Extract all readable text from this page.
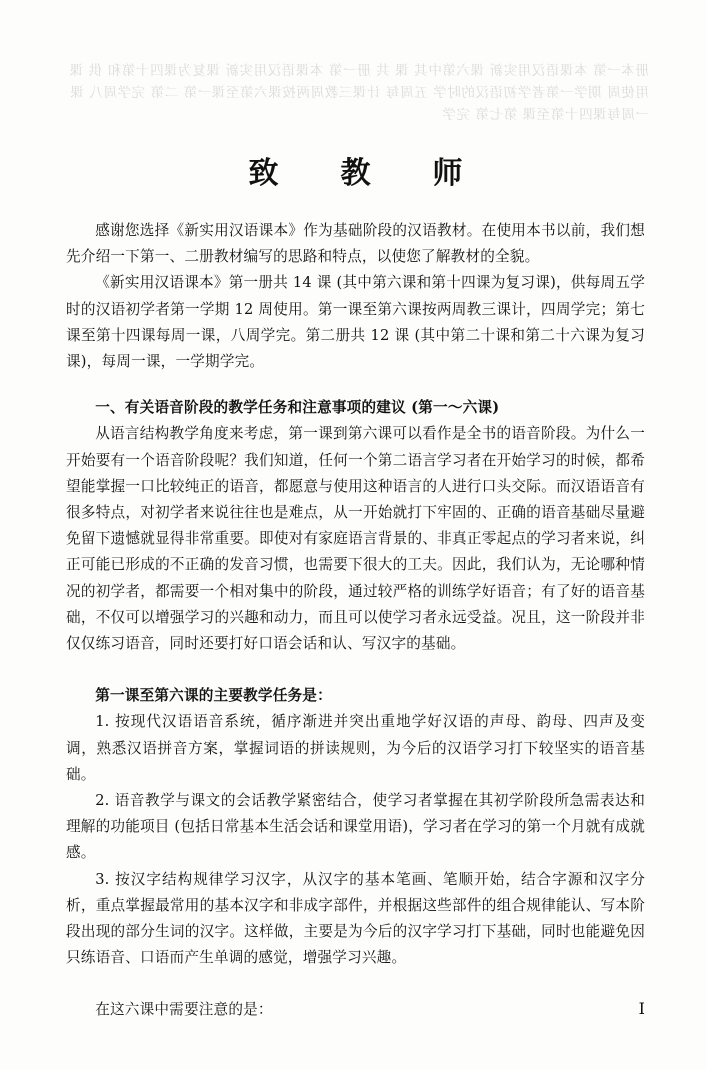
册本一第 本课语汉用实新 课六第中其 课 共 册一第 本课语汉用实新 课复为课四十第和 供 课 用使周 期学一第者学初语汉的时学 五周每 计课三教周两按课六第至课一第 二第 完学周八 课一周每课四十第至课 第七第 完学
致　教　师

感谢您选择《新实用汉语课本》作为基础阶段的汉语教材。在使用本书以前，我们想先介绍一下第一、二册教材编写的思路和特点，以使您了解教材的全貌。

《新实用汉语课本》第一册共 14 课 (其中第六课和第十四课为复习课)，供每周五学时的汉语初学者第一学期 12 周使用。第一课至第六课按两周教三课计，四周学完；第七课至第十四课每周一课，八周学完。第二册共 12 课 (其中第二十课和第二十六课为复习课)，每周一课，一学期学完。

一、有关语音阶段的教学任务和注意事项的建议 (第一～六课)

从语言结构教学角度来考虑，第一课到第六课可以看作是全书的语音阶段。为什么一开始要有一个语音阶段呢？我们知道，任何一个第二语言学习者在开始学习的时候，都希望能掌握一口比较纯正的语音，都愿意与使用这种语言的人进行口头交际。而汉语语音有很多特点，对初学者来说往往也是难点，从一开始就打下牢固的、正确的语音基础尽量避免留下遗憾就显得非常重要。即使对有家庭语言背景的、非真正零起点的学习者来说，纠正可能已形成的不正确的发音习惯，也需要下很大的工夫。因此，我们认为，无论哪种情况的初学者，都需要一个相对集中的阶段，通过较严格的训练学好语音；有了好的语音基础，不仅可以增强学习的兴趣和动力，而且可以使学习者永远受益。况且，这一阶段并非仅仅练习语音，同时还要打好口语会话和认、写汉字的基础。

第一课至第六课的主要教学任务是：

1. 按现代汉语语音系统，循序渐进并突出重地学好汉语的声母、韵母、四声及变调，熟悉汉语拼音方案，掌握词语的拼读规则，为今后的汉语学习打下较坚实的语音基础。

2. 语音教学与课文的会话教学紧密结合，使学习者掌握在其初学阶段所急需表达和理解的功能项目 (包括日常基本生活会话和课堂用语)，学习者在学习的第一个月就有成就感。

3. 按汉字结构规律学习汉字，从汉字的基本笔画、笔顺开始，结合字源和汉字分析，重点掌握最常用的基本汉字和非成字部件，并根据这些部件的组合规律能认、写本阶段出现的部分生词的汉字。这样做，主要是为今后的汉字学习打下基础，同时也能避免因只练语音、口语而产生单调的感觉，增强学习兴趣。

在这六课中需要注意的是：	I
